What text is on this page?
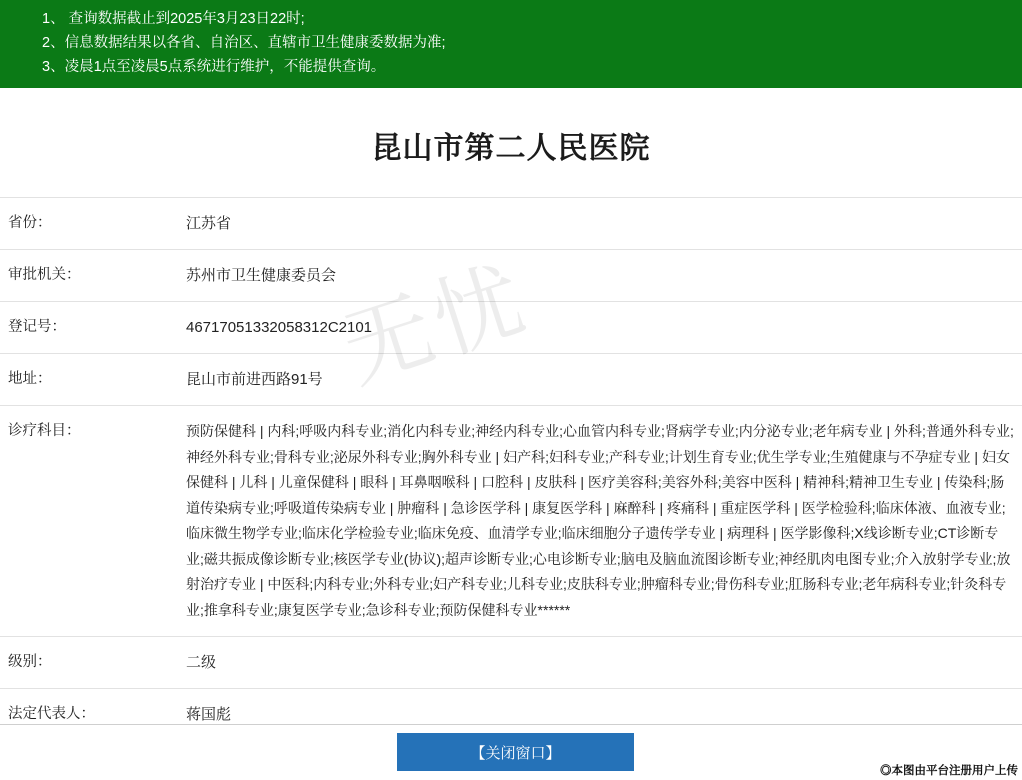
1、 查询数据截止到2025年3月23日22时;
2、信息数据结果以各省、自治区、直辖市卫生健康委数据为准;
3、凌晨1点至凌晨5点系统进行维护，不能提供查询。
昆山市第二人民医院
无忧
省份：	江苏省
审批机关：	苏州市卫生健康委员会
登记号：	46717051332058312C2101
地址：	昆山市前进西路91号
诊疗科目：	预防保健科 | 内科;呼吸内科专业;消化内科专业;神经内科专业;心血管内科专业;肾病学专业;内分泌专业;老年病专业 | 外科;普通外科专业;神经外科专业;骨科专业;泌尿外科专业;胸外科专业 | 妇产科;妇科专业;产科专业;计划生育专业;优生学专业;生殖健康与不孕症专业 | 妇女保健科 | 儿科 | 儿童保健科 | 眼科 | 耳鼻咽喉科 | 口腔科 | 皮肤科 | 医疗美容科;美容外科;美容中医科 | 精神科;精神卫生专业 | 传染科;肠道传染病专业;呼吸道传染病专业 | 肿瘤科 | 急诊医学科 | 康复医学科 | 麻醉科 | 疼痛科 | 重症医学科 | 医学检验科;临床体液、血液专业;临床微生物学专业;临床化学检验专业;临床免疫、血清学专业;临床细胞分子遗传学专业 | 病理科 | 医学影像科;X线诊断专业;CT诊断专业;磁共振成像诊断专业;核医学专业(协议);超声诊断专业;心电诊断专业;脑电及脑血流图诊断专业;神经肌肉电图专业;介入放射学专业;放射治疗专业 | 中医科;内科专业;外科专业;妇产科专业;儿科专业;皮肤科专业;肿瘤科专业;骨伤科专业;肛肠科专业;老年病科专业;针灸科专业;推拿科专业;康复医学专业;急诊科专业;预防保健科专业******

级别：	二级
法定代表人：	蒋国彪

【关闭窗口】
◎本图由平台注册用户上传
